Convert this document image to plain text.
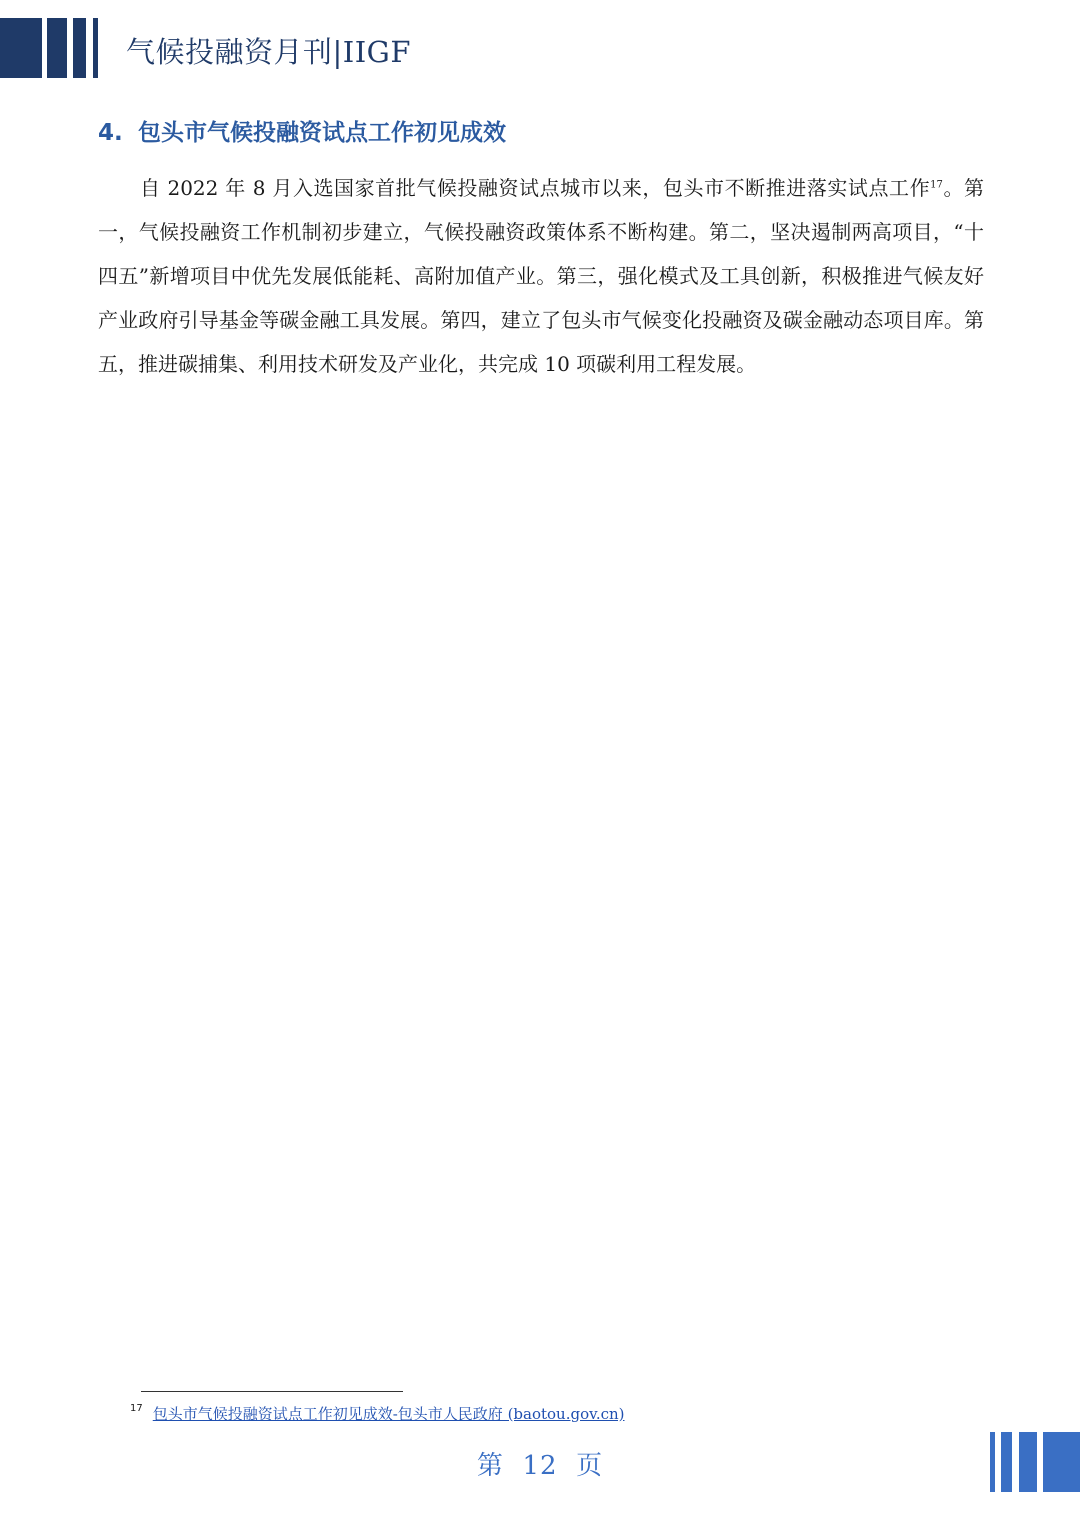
气候投融资月刊|IIGF
4. 包头市气候投融资试点工作初见成效

自 2022 年 8 月入选国家首批气候投融资试点城市以来，包头市不断推进落实试点工作$^{17}$。第一，气候投融资工作机制初步建立，气候投融资政策体系不断构建。第二，坚决遏制两高项目，“十四五”新增项目中优先发展低能耗、高附加值产业。第三，强化模式及工具创新，积极推进气候友好产业政府引导基金等碳金融工具发展。第四，建立了包头市气候变化投融资及碳金融动态项目库。第五，推进碳捕集、利用技术研发及产业化，共完成 10 项碳利用工程发展。

17 包头市气候投融资试点工作初见成效-包头市人民政府 (baotou.gov.cn)
第  12  页
